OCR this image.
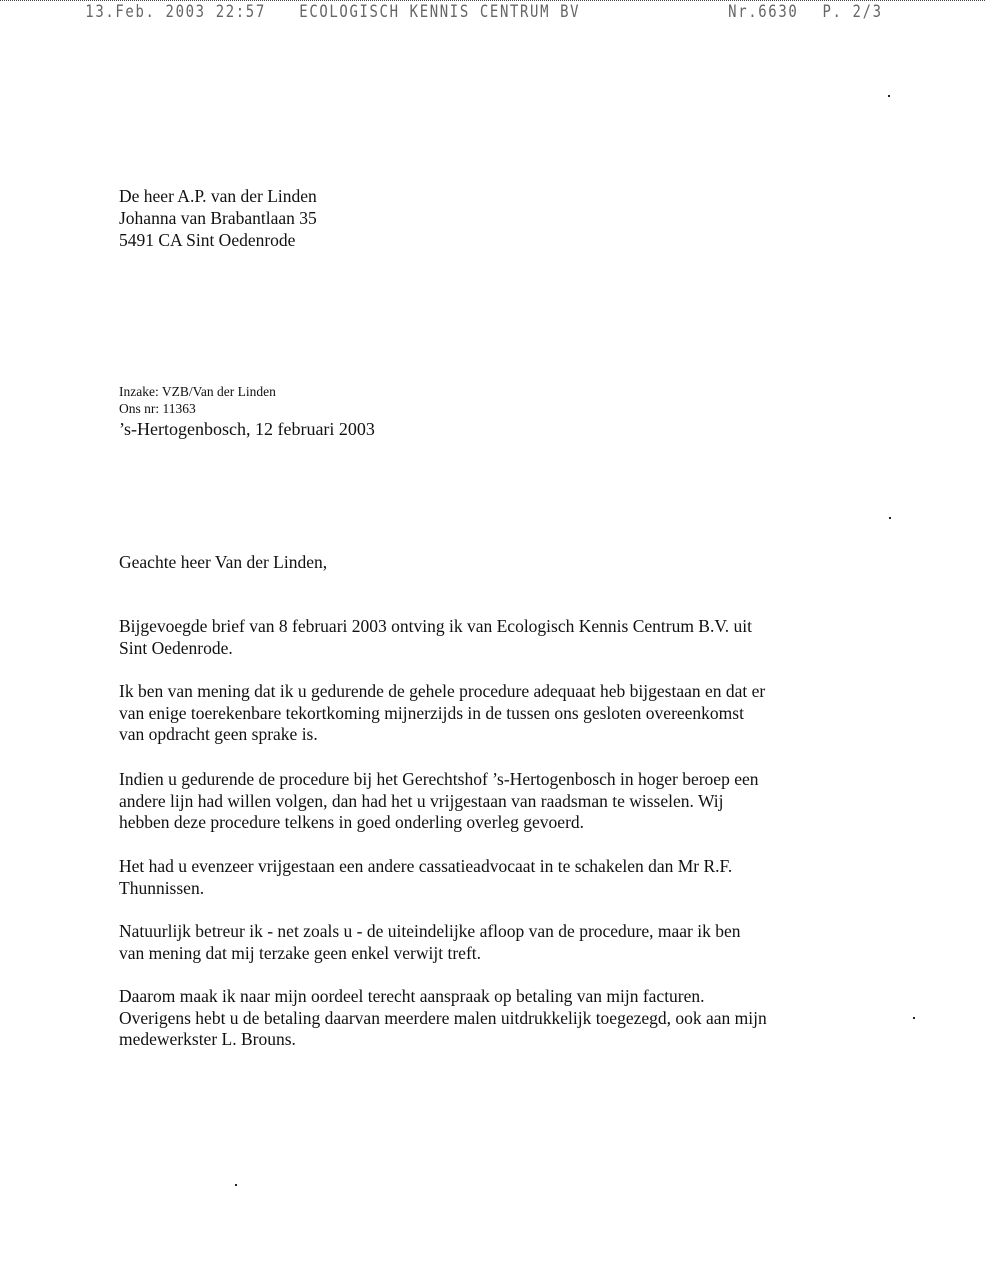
13.Feb. 2003 22:57 ECOLOGISCH KENNIS CENTRUM BV	Nr.6630 P. 2/3
De heer A.P. van der Linden
Johanna van Brabantlaan 35
5491 CA Sint Oedenrode
Inzake: VZB/Van der Linden
Ons nr: 11363
’s-Hertogenbosch, 12 februari 2003
Geachte heer Van der Linden,
Bijgevoegde brief van 8 februari 2003 ontving ik van Ecologisch Kennis Centrum B.V. uit
Sint Oedenrode.
Ik ben van mening dat ik u gedurende de gehele procedure adequaat heb bijgestaan en dat er
van enige toerekenbare tekortkoming mijnerzijds in de tussen ons gesloten overeenkomst
van opdracht geen sprake is.
Indien u gedurende de procedure bij het Gerechtshof ’s-Hertogenbosch in hoger beroep een
andere lijn had willen volgen, dan had het u vrijgestaan van raadsman te wisselen. Wij
hebben deze procedure telkens in goed onderling overleg gevoerd.
Het had u evenzeer vrijgestaan een andere cassatieadvocaat in te schakelen dan Mr R.F.
Thunnissen.
Natuurlijk betreur ik - net zoals u - de uiteindelijke afloop van de procedure, maar ik ben
van mening dat mij terzake geen enkel verwijt treft.
Daarom maak ik naar mijn oordeel terecht aanspraak op betaling van mijn facturen.
Overigens hebt u de betaling daarvan meerdere malen uitdrukkelijk toegezegd, ook aan mijn
medewerkster L. Brouns.
